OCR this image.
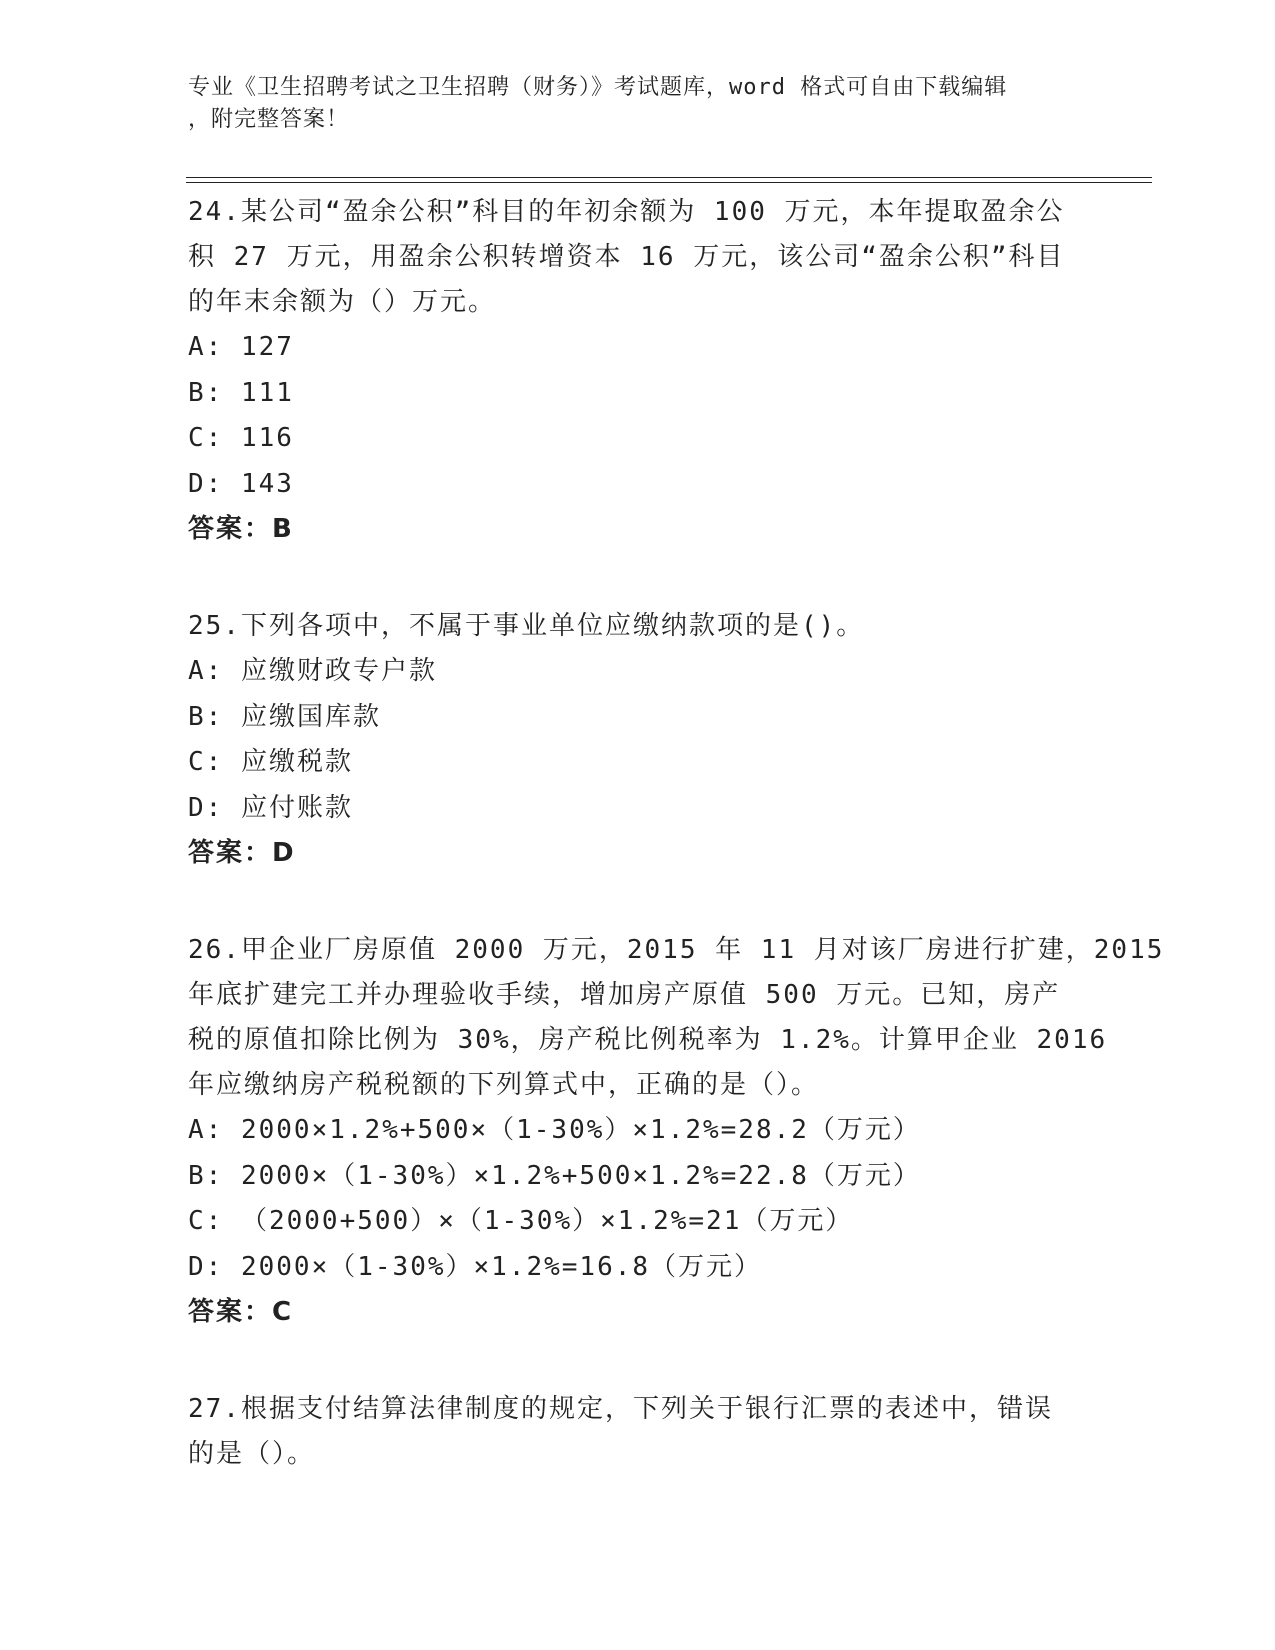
专业《卫生招聘考试之卫生招聘（财务）》考试题库，word 格式可自由下载编辑
，附完整答案！
24.某公司“盈余公积”科目的年初余额为 100 万元，本年提取盈余公
积 27 万元，用盈余公积转增资本 16 万元，该公司“盈余公积”科目
的年末余额为（）万元。
A: 127
B: 111
C: 116
D: 143
答案：B
25.下列各项中，不属于事业单位应缴纳款项的是()。
A: 应缴财政专户款
B: 应缴国库款
C: 应缴税款
D: 应付账款
答案：D
26.甲企业厂房原值 2000 万元，2015 年 11 月对该厂房进行扩建，2015
年底扩建完工并办理验收手续，增加房产原值 500 万元。已知，房产
税的原值扣除比例为 30%，房产税比例税率为 1.2%。计算甲企业 2016
年应缴纳房产税税额的下列算式中，正确的是（）。
A: 2000×1.2%+500×（1-30%）×1.2%=28.2（万元）
B: 2000×（1-30%）×1.2%+500×1.2%=22.8（万元）
C: （2000+500）×（1-30%）×1.2%=21（万元）
D: 2000×（1-30%）×1.2%=16.8（万元）
答案：C
27.根据支付结算法律制度的规定，下列关于银行汇票的表述中，错误
的是（）。
